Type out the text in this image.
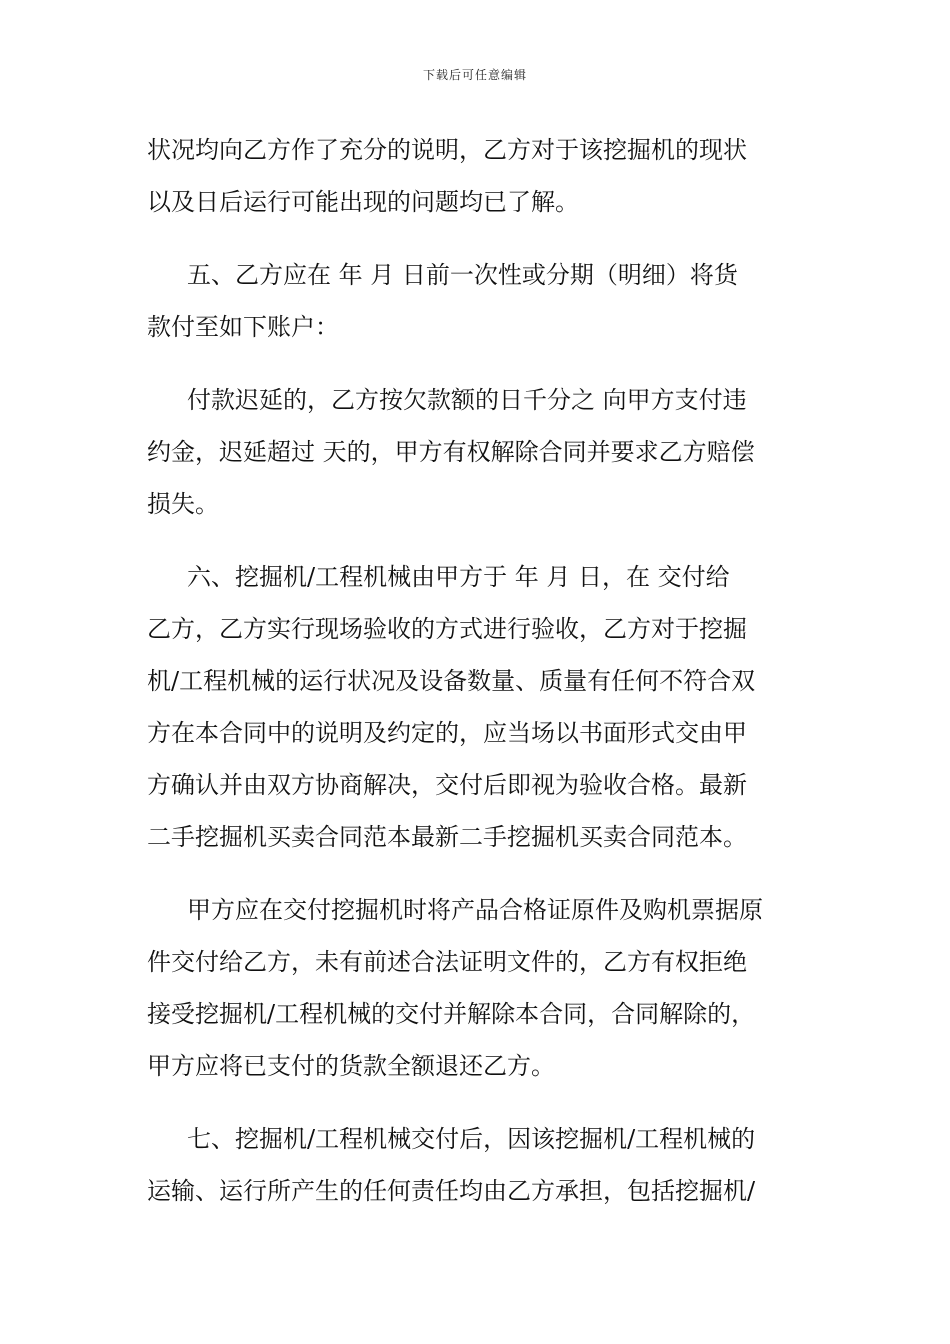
下载后可任意编辑

状况均向乙方作了充分的说明，乙方对于该挖掘机的现状
以及日后运行可能出现的问题均已了解。

五、乙方应在 年 月 日前一次性或分期（明细）将货
款付至如下账户：

付款迟延的，乙方按欠款额的日千分之 向甲方支付违
约金，迟延超过 天的，甲方有权解除合同并要求乙方赔偿
损失。

六、挖掘机/工程机械由甲方于 年 月 日，在 交付给
乙方，乙方实行现场验收的方式进行验收，乙方对于挖掘
机/工程机械的运行状况及设备数量、质量有任何不符合双
方在本合同中的说明及约定的，应当场以书面形式交由甲
方确认并由双方协商解决，交付后即视为验收合格。最新
二手挖掘机买卖合同范本最新二手挖掘机买卖合同范本。

甲方应在交付挖掘机时将产品合格证原件及购机票据原
件交付给乙方，未有前述合法证明文件的，乙方有权拒绝
接受挖掘机/工程机械的交付并解除本合同，合同解除的，
甲方应将已支付的货款全额退还乙方。

七、挖掘机/工程机械交付后，因该挖掘机/工程机械的
运输、运行所产生的任何责任均由乙方承担，包括挖掘机/
